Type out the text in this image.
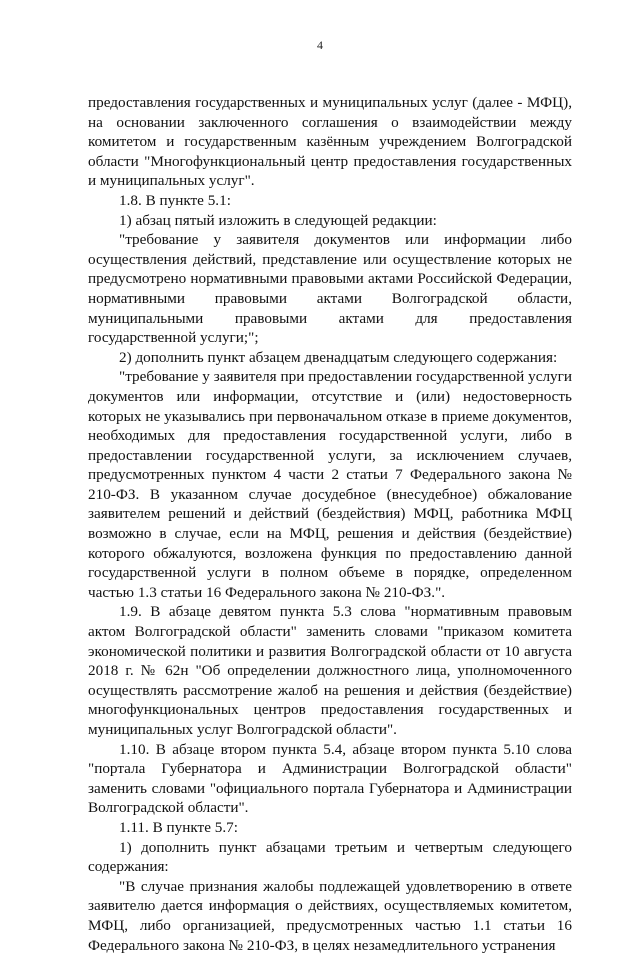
4

предоставления государственных и муниципальных услуг (далее - МФЦ), на основании заключенного соглашения о взаимодействии между комитетом и государственным казённым учреждением Волгоградской области "Многофункциональный центр предоставления государственных и муниципальных услуг".

1.8. В пункте 5.1:

1) абзац пятый изложить в следующей редакции:

"требование у заявителя документов или информации либо осуществления действий, представление или осуществление которых не предусмотрено нормативными правовыми актами Российской Федерации, нормативными правовыми актами Волгоградской области, муниципальными правовыми актами для предоставления государственной услуги;";

2) дополнить пункт абзацем двенадцатым следующего содержания:

"требование у заявителя при предоставлении государственной услуги документов или информации, отсутствие и (или) недостоверность которых не указывались при первоначальном отказе в приеме документов, необходимых для предоставления государственной услуги, либо в предоставлении государственной услуги, за исключением случаев, предусмотренных пунктом 4 части 2 статьи 7 Федерального закона № 210-ФЗ. В указанном случае досудебное (внесудебное) обжалование заявителем решений и действий (бездействия) МФЦ, работника МФЦ возможно в случае, если на МФЦ, решения и действия (бездействие) которого обжалуются, возложена функция по предоставлению данной государственной услуги в полном объеме в порядке, определенном частью 1.3 статьи 16 Федерального закона № 210-ФЗ.".

1.9. В абзаце девятом пункта 5.3 слова "нормативным правовым актом Волгоградской области" заменить словами "приказом комитета экономической политики и развития Волгоградской области от 10 августа 2018 г. № 62н "Об определении должностного лица, уполномоченного осуществлять рассмотрение жалоб на решения и действия (бездействие) многофункциональных центров предоставления государственных и муниципальных услуг Волгоградской области".

1.10. В абзаце втором пункта 5.4, абзаце втором пункта 5.10 слова "портала Губернатора и Администрации Волгоградской области" заменить словами "официального портала Губернатора и Администрации Волгоградской области".

1.11. В пункте 5.7:

1) дополнить пункт абзацами третьим и четвертым следующего содержания:

"В случае признания жалобы подлежащей удовлетворению в ответе заявителю дается информация о действиях, осуществляемых комитетом, МФЦ, либо организацией, предусмотренных частью 1.1 статьи 16 Федерального закона № 210-ФЗ, в целях незамедлительного устранения
